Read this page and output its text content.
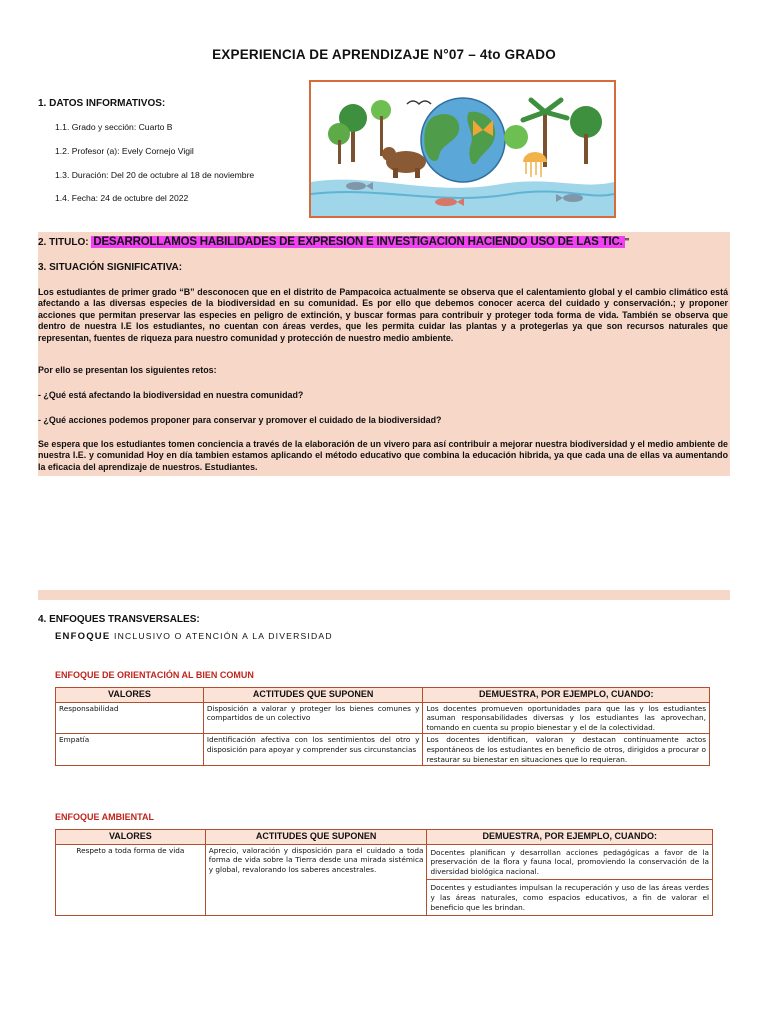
EXPERIENCIA DE APRENDIZAJE N°07 – 4to GRADO
1. DATOS INFORMATIVOS:
1.1. Grado y sección: Cuarto B
1.2. Profesor (a): Evely Cornejo Vigil
1.3. Duración: Del 20 de octubre al 18 de noviembre
1.4. Fecha: 24 de octubre del 2022
2. TITULO: DESARROLLAMOS HABILIDADES DE EXPRESION E INVESTIGACION HACIENDO USO DE LAS TIC. "
3. SITUACIÓN SIGNIFICATIVA:
Los estudiantes de primer grado “B” desconocen que en el distrito de Pampacoica actualmente se observa que el calentamiento global y el cambio climático está afectando a las diversas especies de la biodiversidad en su comunidad. Es por ello que debemos conocer acerca del cuidado y conservación.; y proponer acciones que permitan preservar las especies en peligro de extinción, y buscar formas para contribuir y proteger toda forma de vida. También se observa que dentro de nuestra I.E los estudiantes, no cuentan con áreas verdes, que les permita cuidar las plantas y a protegerlas ya que son recursos naturales que representan, fuentes de riqueza para nuestro comunidad y protección de nuestro medio ambiente.
Por ello se presentan los siguientes retos:
- ¿Qué está afectando la biodiversidad en nuestra comunidad?
- ¿Qué acciones podemos proponer para conservar y promover el cuidado de la biodiversidad?
Se espera que los estudiantes tomen conciencia a través de la elaboración de un vivero para así contribuir a mejorar nuestra biodiversidad y el medio ambiente de nuestra I.E. y comunidad Hoy en día tambien estamos aplicando el método educativo que combina la educación hibrida, ya que cada una de ellas va aumentando la eficacia del aprendizaje de nuestros. Estudiantes.
4. ENFOQUES TRANSVERSALES:
ENFOQUE INCLUSIVO O ATENCIÓN A LA DIVERSIDAD
ENFOQUE DE ORIENTACIÓN AL BIEN COMUN
VALORES	ACTITUDES QUE SUPONEN	DEMUESTRA, POR EJEMPLO, CUANDO:
Responsabilidad	Disposición a valorar y proteger los bienes comunes y compartidos de un colectivo	Los docentes promueven oportunidades para que las y los estudiantes asuman responsabilidades diversas y los estudiantes las aprovechan, tomando en cuenta su propio bienestar y el de la colectividad.
Empatía	Identificación afectiva con los sentimientos del otro y disposición para apoyar y comprender sus circunstancias	Los docentes identifican, valoran y destacan continuamente actos espontáneos de los estudiantes en beneficio de otros, dirigidos a procurar o restaurar su bienestar en situaciones que lo requieran.
ENFOQUE AMBIENTAL
VALORES	ACTITUDES QUE SUPONEN	DEMUESTRA, POR EJEMPLO, CUANDO:
Respeto a toda forma de vida	Aprecio, valoración y disposición para el cuidado a toda forma de vida sobre la Tierra desde una mirada sistémica y global, revalorando los saberes ancestrales.	Docentes planifican y desarrollan acciones pedagógicas a favor de la preservación de la flora y fauna local, promoviendo la conservación de la diversidad biológica nacional.
		Docentes y estudiantes impulsan la recuperación y uso de las áreas verdes y las áreas naturales, como espacios educativos, a fin de valorar el beneficio que les brindan.
